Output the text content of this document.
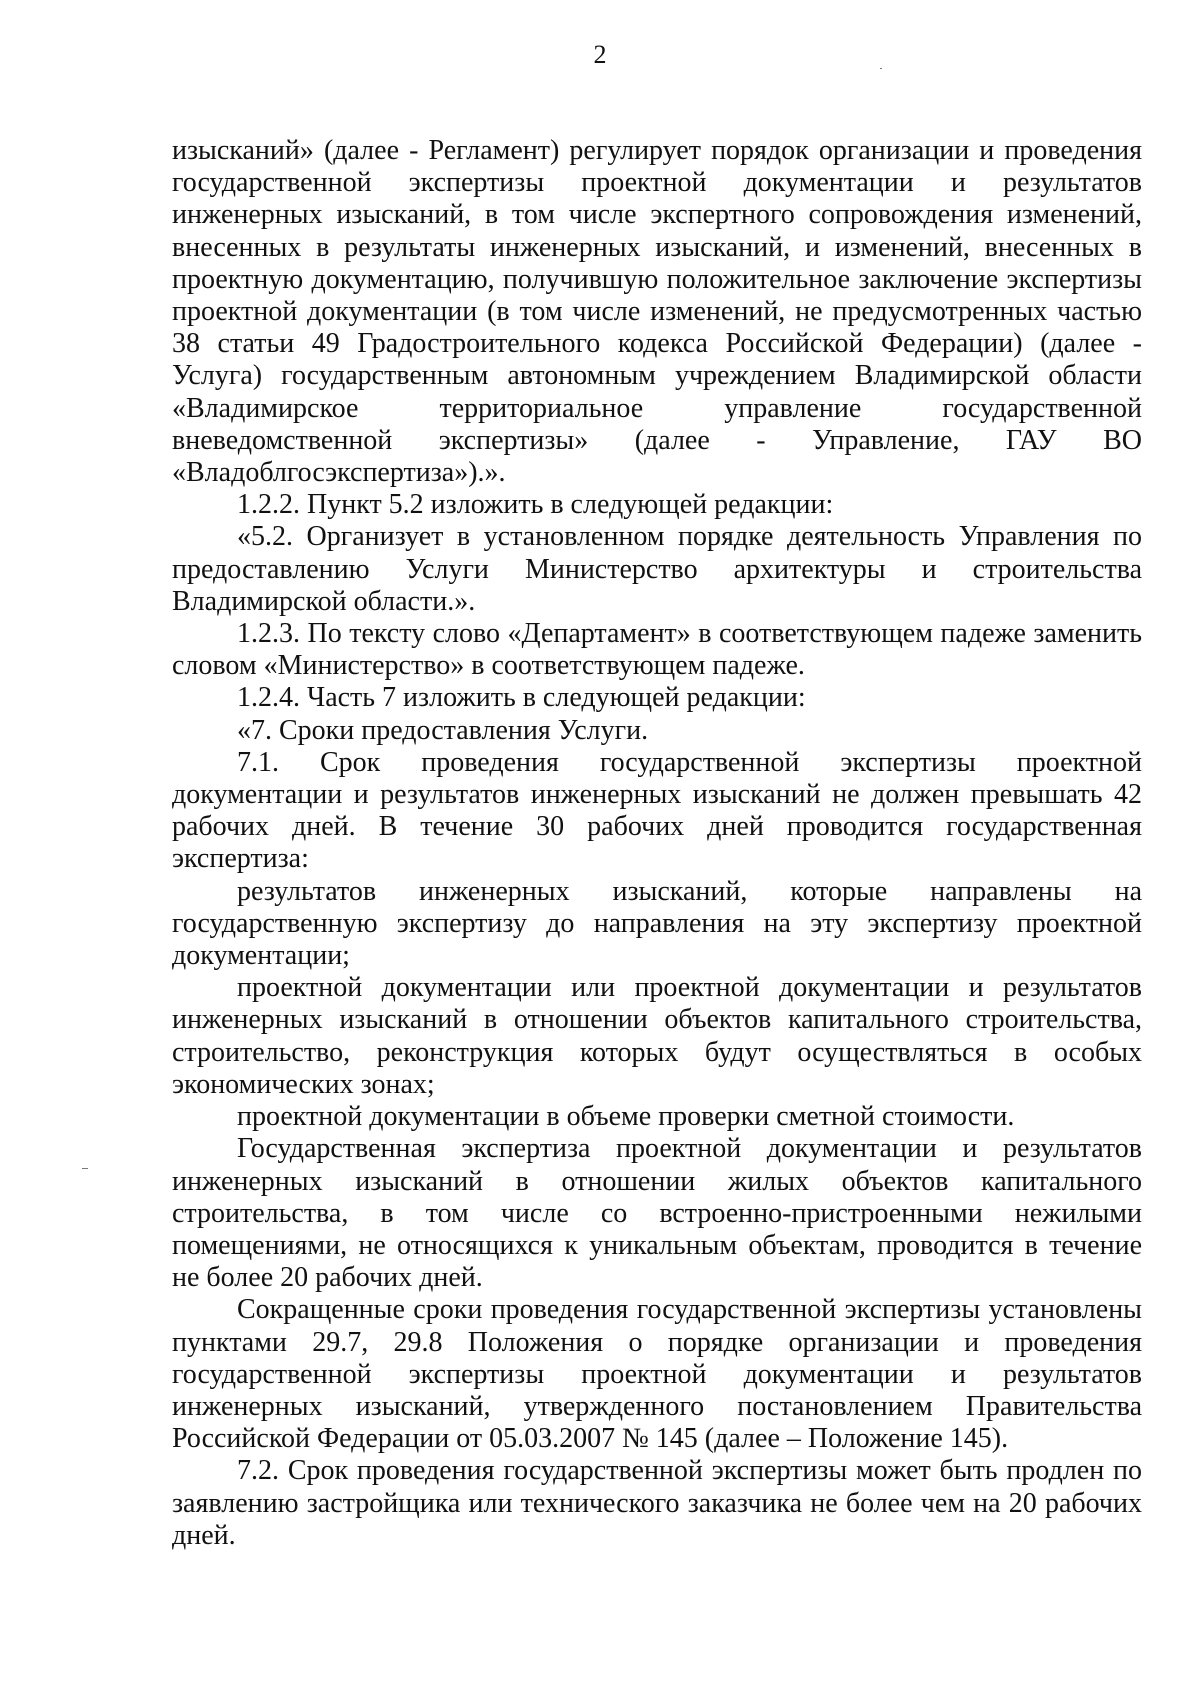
2

изысканий» (далее - Регламент) регулирует порядок организации и проведения государственной экспертизы проектной документации и результатов инженерных изысканий, в том числе экспертного сопровождения изменений, внесенных в результаты инженерных изысканий, и изменений, внесенных в проектную документацию, получившую положительное заключение экспертизы проектной документации (в том числе изменений, не предусмотренных частью 38 статьи 49 Градостроительного кодекса Российской Федерации) (далее - Услуга) государственным автономным учреждением Владимирской области «Владимирское территориальное управление государственной вневедомственной экспертизы» (далее - Управление, ГАУ ВО «Владоблгосэкспертиза»).».

1.2.2. Пункт 5.2 изложить в следующей редакции:

«5.2. Организует в установленном порядке деятельность Управления по предоставлению Услуги Министерство архитектуры и строительства Владимирской области.».

1.2.3. По тексту слово «Департамент» в соответствующем падеже заменить словом «Министерство» в соответствующем падеже.

1.2.4. Часть 7 изложить в следующей редакции:

«7. Сроки предоставления Услуги.

7.1. Срок проведения государственной экспертизы проектной документации и результатов инженерных изысканий не должен превышать 42 рабочих дней. В течение 30 рабочих дней проводится государственная экспертиза:

результатов инженерных изысканий, которые направлены на государственную экспертизу до направления на эту экспертизу проектной документации;

проектной документации или проектной документации и результатов инженерных изысканий в отношении объектов капитального строительства, строительство, реконструкция которых будут осуществляться в особых экономических зонах;

проектной документации в объеме проверки сметной стоимости.

Государственная экспертиза проектной документации и результатов инженерных изысканий в отношении жилых объектов капитального строительства, в том числе со встроенно-пристроенными нежилыми помещениями, не относящихся к уникальным объектам, проводится в течение не более 20 рабочих дней.

Сокращенные сроки проведения государственной экспертизы установлены пунктами 29.7, 29.8 Положения о порядке организации и проведения государственной экспертизы проектной документации и результатов инженерных изысканий, утвержденного постановлением Правительства Российской Федерации от 05.03.2007 № 145 (далее – Положение 145).

7.2. Срок проведения государственной экспертизы может быть продлен по заявлению застройщика или технического заказчика не более чем на 20 рабочих дней.
